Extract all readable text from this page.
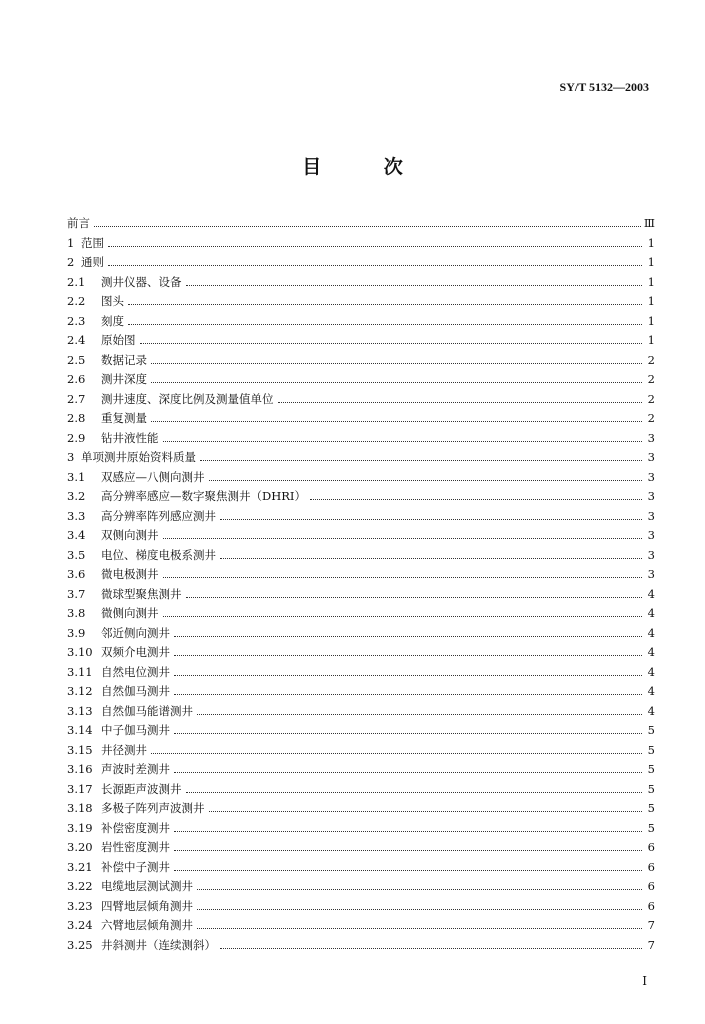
SY/T 5132—2003
目 次
前言	Ⅲ
1 范围	1
2 通则	1
2.1	测井仪器、设备	1
2.2	图头	1
2.3	刻度	1
2.4	原始图	1
2.5	数据记录	2
2.6	测井深度	2
2.7	测井速度、深度比例及测量值单位	2
2.8	重复测量	2
2.9	钻井液性能	3
3 单项测井原始资料质量	3
3.1	双感应—八侧向测井	3
3.2	高分辨率感应—数字聚焦测井（DHRI）	3
3.3	高分辨率阵列感应测井	3
3.4	双侧向测井	3
3.5	电位、梯度电极系测井	3
3.6	微电极测井	3
3.7	微球型聚焦测井	4
3.8	微侧向测井	4
3.9	邻近侧向测井	4
3.10 双频介电测井	4
3.11 自然电位测井	4
3.12 自然伽马测井	4
3.13 自然伽马能谱测井	4
3.14 中子伽马测井	5
3.15 井径测井	5
3.16 声波时差测井	5
3.17 长源距声波测井	5
3.18 多极子阵列声波测井	5
3.19 补偿密度测井	5
3.20 岩性密度测井	6
3.21 补偿中子测井	6
3.22 电缆地层测试测井	6
3.23 四臂地层倾角测井	6
3.24 六臂地层倾角测井	7
3.25 井斜测井（连续测斜）	7
I
